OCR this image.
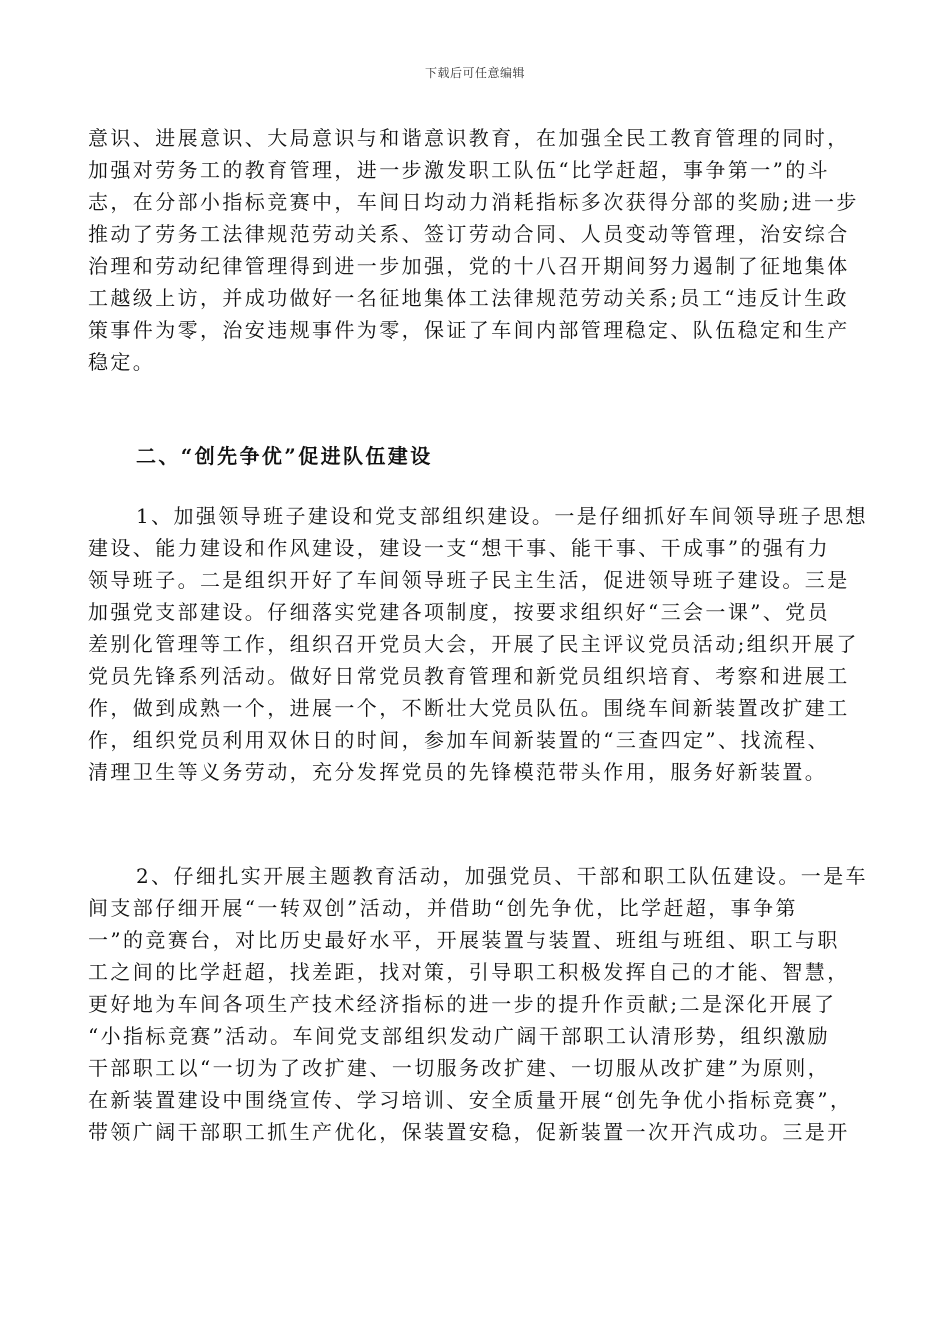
下载后可任意编辑
意识、进展意识、大局意识与和谐意识教育，在加强全民工教育管理的同时，
加强对劳务工的教育管理，进一步激发职工队伍“比学赶超，事争第一”的斗
志，在分部小指标竞赛中，车间日均动力消耗指标多次获得分部的奖励;进一步
推动了劳务工法律规范劳动关系、签订劳动合同、人员变动等管理，治安综合
治理和劳动纪律管理得到进一步加强，党的十八召开期间努力遏制了征地集体
工越级上访，并成功做好一名征地集体工法律规范劳动关系;员工“违反计生政
策事件为零，治安违规事件为零，保证了车间内部管理稳定、队伍稳定和生产
稳定。
二、“创先争优”促进队伍建设
1、加强领导班子建设和党支部组织建设。一是仔细抓好车间领导班子思想
建设、能力建设和作风建设，建设一支“想干事、能干事、干成事”的强有力
领导班子。二是组织开好了车间领导班子民主生活，促进领导班子建设。三是
加强党支部建设。仔细落实党建各项制度，按要求组织好“三会一课”、党员
差别化管理等工作，组织召开党员大会，开展了民主评议党员活动;组织开展了
党员先锋系列活动。做好日常党员教育管理和新党员组织培育、考察和进展工
作，做到成熟一个，进展一个，不断壮大党员队伍。围绕车间新装置改扩建工
作，组织党员利用双休日的时间，参加车间新装置的“三查四定”、找流程、
清理卫生等义务劳动，充分发挥党员的先锋模范带头作用，服务好新装置。
2、仔细扎实开展主题教育活动，加强党员、干部和职工队伍建设。一是车
间支部仔细开展“一转双创”活动，并借助“创先争优，比学赶超，事争第
一”的竞赛台，对比历史最好水平，开展装置与装置、班组与班组、职工与职
工之间的比学赶超，找差距，找对策，引导职工积极发挥自己的才能、智慧，
更好地为车间各项生产技术经济指标的进一步的提升作贡献;二是深化开展了
“小指标竞赛”活动。车间党支部组织发动广阔干部职工认清形势，组织激励
干部职工以“一切为了改扩建、一切服务改扩建、一切服从改扩建”为原则，
在新装置建设中围绕宣传、学习培训、安全质量开展“创先争优小指标竞赛”，
带领广阔干部职工抓生产优化，保装置安稳，促新装置一次开汽成功。三是开
